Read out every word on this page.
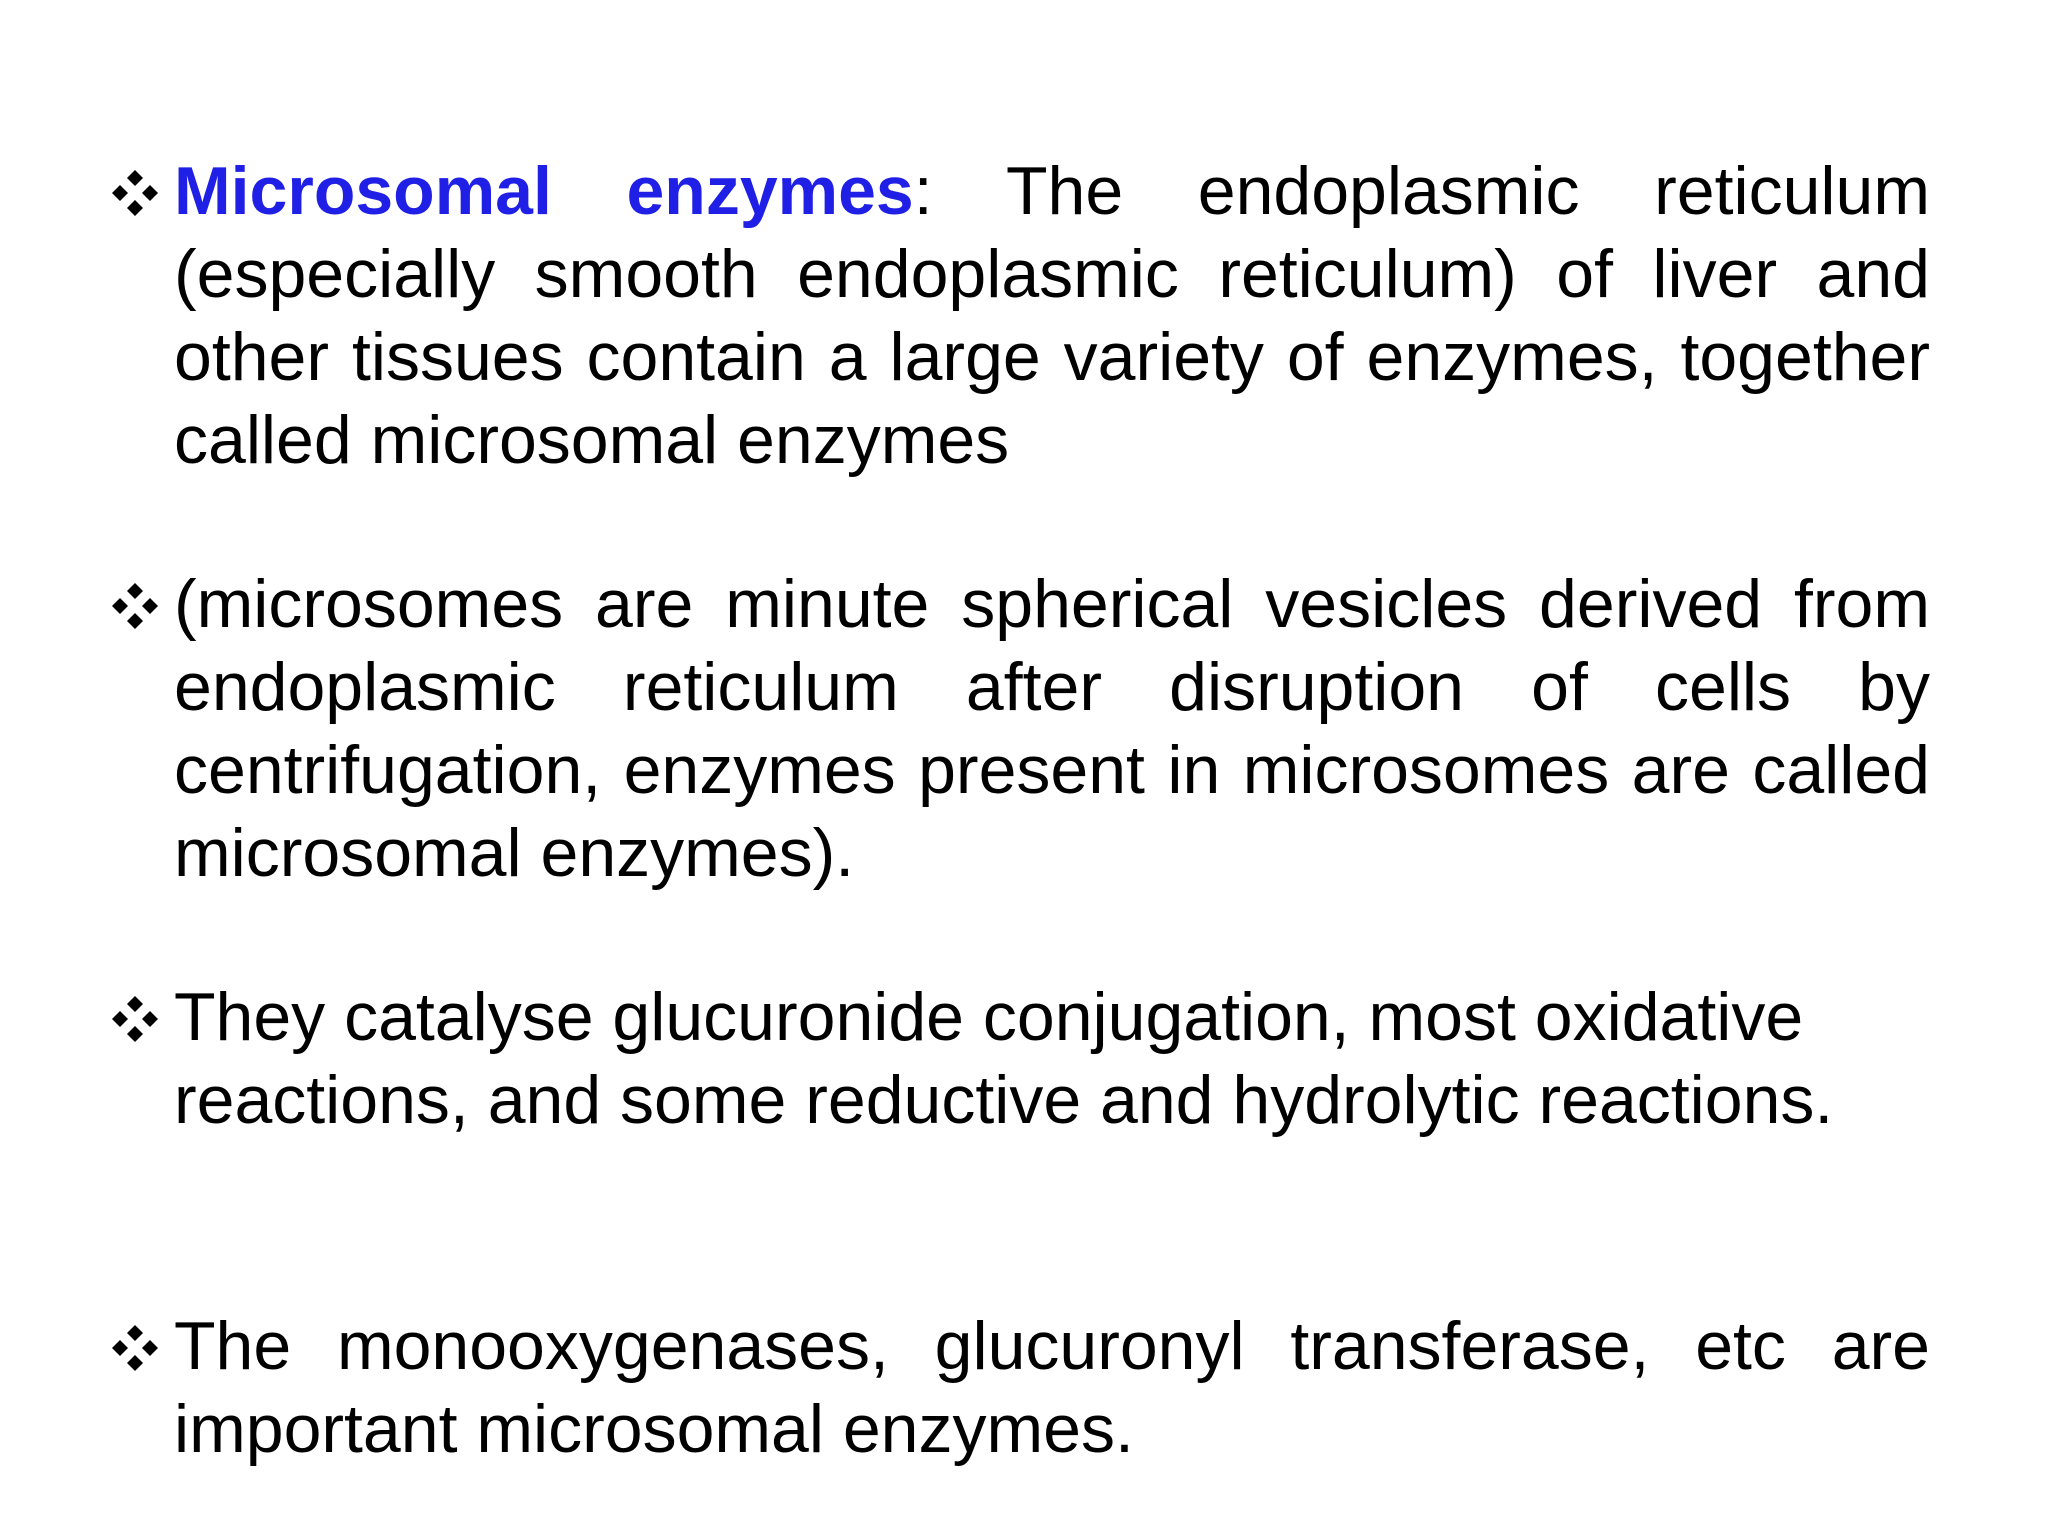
Microsomal enzymes: The endoplasmic reticulum (especially smooth endoplasmic reticulum) of liver and other tissues contain a large variety of enzymes, together called microsomal enzymes
(microsomes are minute spherical vesicles derived from endoplasmic reticulum after disruption of cells by centrifugation, enzymes present in microsomes are called microsomal enzymes).
They catalyse glucuronide conjugation, most oxidative reactions, and some reductive and hydrolytic reactions.
The monooxygenases, glucuronyl transferase, etc are important microsomal enzymes.
